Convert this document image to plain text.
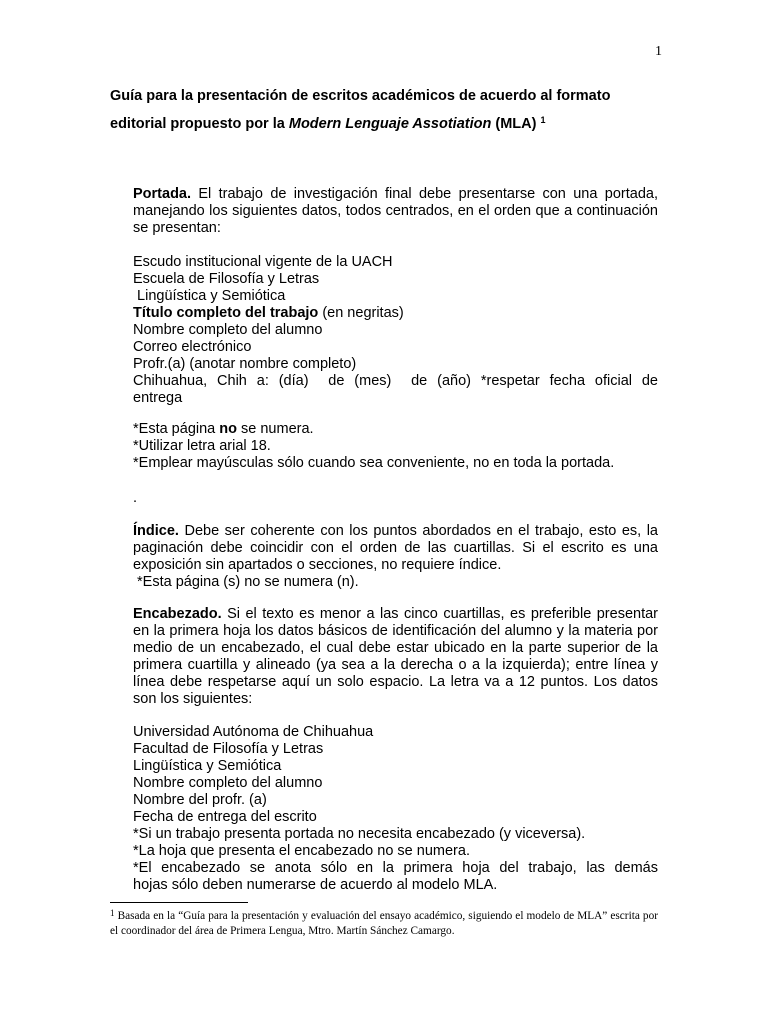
1
Guía para la presentación de escritos académicos de acuerdo al formato
editorial propuesto por la Modern Lenguaje Assotiation (MLA) $^1$
Portada. El trabajo de investigación final debe presentarse con una portada, manejando los siguientes datos, todos centrados, en el orden que a continuación se presentan:
Escudo institucional vigente de la UACH
Escuela de Filosofía y Letras
Lingüística y Semiótica
Título completo del trabajo (en negritas)
Nombre completo del alumno
Correo electrónico
Profr.(a) (anotar nombre completo)
Chihuahua, Chih a: (día)  de (mes)  de (año) *respetar fecha oficial de
entrega
*Esta página no se numera.
*Utilizar letra arial 18.
*Emplear mayúsculas sólo cuando sea conveniente, no en toda la portada.
.
Índice. Debe ser coherente con los puntos abordados en el trabajo, esto es, la paginación debe coincidir con el orden de las cuartillas. Si el escrito es una exposición sin apartados o secciones, no requiere índice.
*Esta página (s) no se numera (n).
Encabezado. Si el texto es menor a las cinco cuartillas, es preferible presentar en la primera hoja los datos básicos de identificación del alumno y la materia por medio de un encabezado, el cual debe estar ubicado en la parte superior de la primera cuartilla y alineado (ya sea a la derecha o a la izquierda); entre línea y línea debe respetarse aquí un solo espacio. La letra va a 12 puntos. Los datos son los siguientes:
Universidad Autónoma de Chihuahua
Facultad de Filosofía y Letras
Lingüística y Semiótica
Nombre completo del alumno
Nombre del profr. (a)
Fecha de entrega del escrito
*Si un trabajo presenta portada no necesita encabezado (y viceversa).
*La hoja que presenta el encabezado no se numera.
*El encabezado se anota sólo en la primera hoja del trabajo, las demás
hojas sólo deben numerarse de acuerdo al modelo MLA.
$^1$ Basada en la “Guía para la presentación y evaluación del ensayo académico, siguiendo el modelo de MLA” escrita por el coordinador del área de Primera Lengua, Mtro. Martín Sánchez Camargo.
